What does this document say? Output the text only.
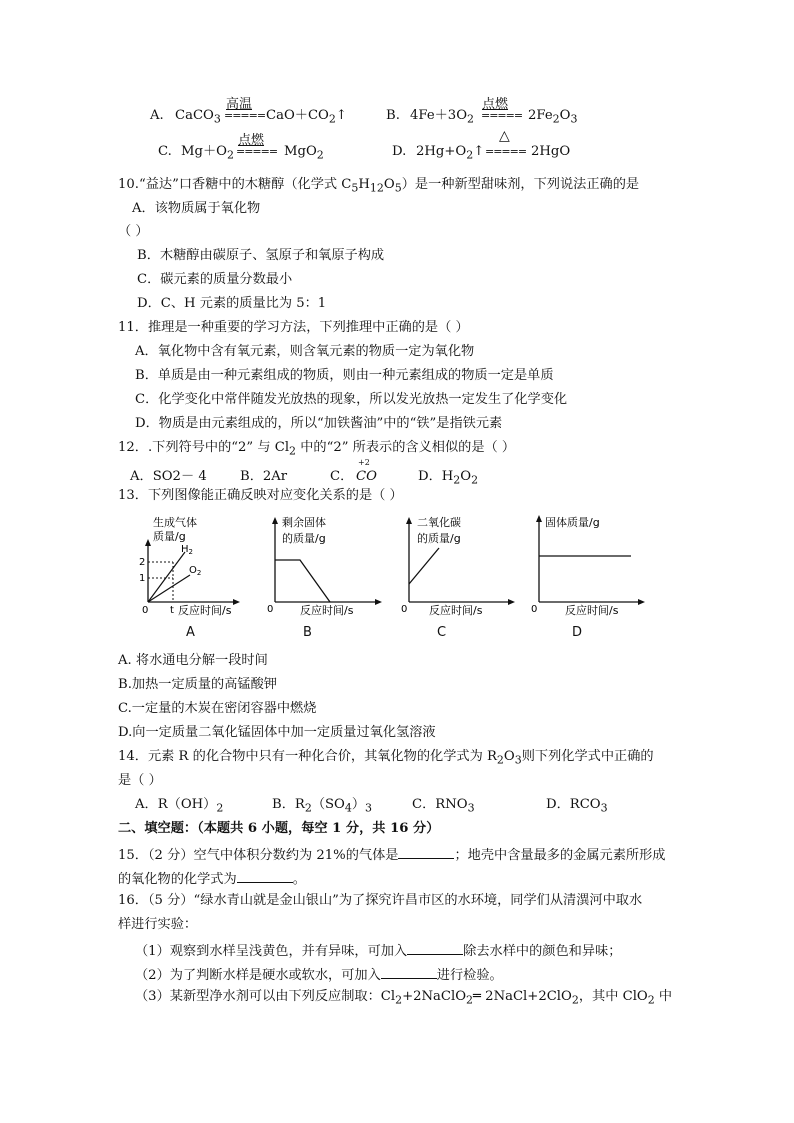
A. CaCO$_3$
高温
===== $CaO+CO_2↑$	B. $4Fe+3O_2$
点燃
===== $2Fe_2O_3$
C. $Mg+O_2$
点燃
===== MgO$_2$	D. $2Hg+O_2↑$
△
===== 2HgO
10.“益达”口香糖中的木糖醇（化学式 $C_5H_{12}O_5$）是一种新型甜味剂，下列说法正确的是
A．该物质属于氧化物
（ ）
B．木糖醇由碳原子、氢原子和氧原子构成
C．碳元素的质量分数最小
D．C、H 元素的质量比为 5：1
11．推理是一种重要的学习方法，下列推理中正确的是（ ）
A．氧化物中含有氧元素，则含氧元素的物质一定为氧化物
B．单质是由一种元素组成的物质，则由一种元素组成的物质一定是单质
C．化学变化中常伴随发光放热的现象，所以发光放热一定发生了化学变化
D．物质是由元素组成的，所以“加铁酱油”中的“铁”是指铁元素
12．.下列符号中的“2” 与 $Cl_2$ 中的“2” 所表示的含义相似的是（ ）
A．SO2－ 4	B．2Ar	C．
+2
CO	D．$H_2O_2$
13．下列图像能正确反映对应变化关系的是（ ）
生成气体
质量/g
$H_2$
$O_2$
2
1
0 t 反应时间/s
A
剩余固体
的质量/g
0 反应时间/s
B
二氧化碳
的质量/g
0 反应时间/s
C
固体质量/g
0	反应时间/s
D
A. 将水通电分解一段时间
B.加热一定质量的高锰酸钾
C.一定量的木炭在密闭容器中燃烧
D.向一定质量二氧化锰固体中加一定质量过氧化氢溶液
14．元素 R 的化合物中只有一种化合价，其氧化物的化学式为 $R_2O_3$则下列化学式中正确的
是（ ）
A．$R(OH)_2$	B．$R_2(SO_4)_3$	C．$RNO_3$	D．$RCO_3$
二、填空题：（本题共 6 小题，每空 1 分，共 16 分）
15．（2 分）空气中体积分数约为 21%的气体是	；地壳中含量最多的金属元素所形成
的氧化物的化学式为	。
16．（5 分）“绿水青山就是金山银山”为了探究许昌市区的水环境，同学们从清潩河中取水
样进行实验：
（1）观察到水样呈浅黄色，并有异味，可加入	除去水样中的颜色和异味；
（2）为了判断水样是硬水或软水，可加入	进行检验。
（3）某新型净水剂可以由下列反应制取：$Cl_2+2NaClO_2═$ 2NaCl+2ClO$_2$，其中 ClO$_2$ 中
